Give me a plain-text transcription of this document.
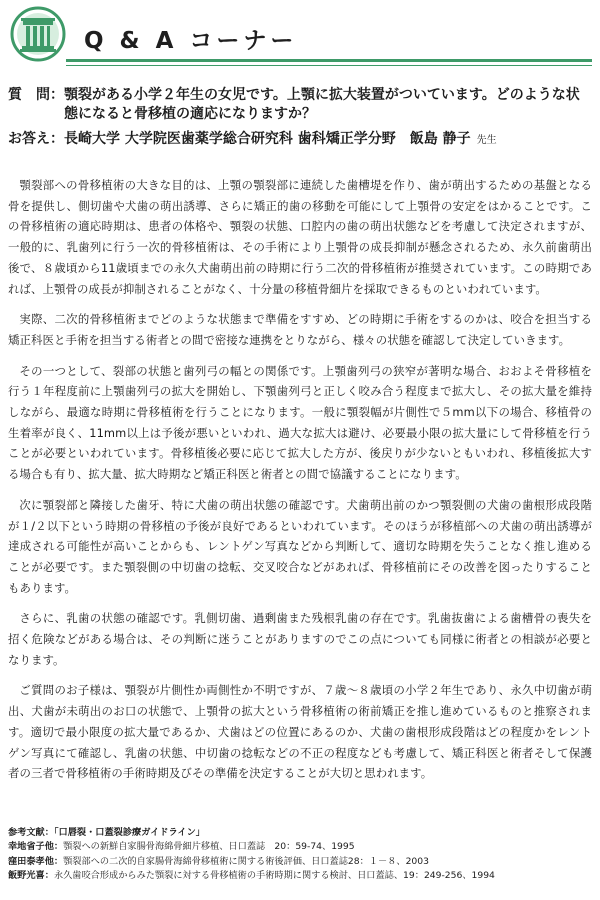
Q & A コーナー
質　問： 顎裂がある小学２年生の女児です。上顎に拡大装置がついています。どのような状態になると骨移植の適応になりますか？
お答え： 長崎大学 大学院医歯薬学総合研究科 歯科矯正学分野　飯島 静子 先生

顎裂部への骨移植術の大きな目的は、上顎の顎裂部に連続した歯槽堤を作り、歯が萌出するための基盤となる骨を提供し、側切歯や犬歯の萌出誘導、さらに矯正的歯の移動を可能にして上顎骨の安定をはかることです。この骨移植術の適応時期は、患者の体格や、顎裂の状態、口腔内の歯の萌出状態などを考慮して決定されますが、一般的に、乳歯列に行う一次的骨移植術は、その手術により上顎骨の成長抑制が懸念されるため、永久前歯萌出後で、８歳頃から11歳頃までの永久犬歯萌出前の時期に行う二次的骨移植術が推奨されています。この時期であれば、上顎骨の成長が抑制されることがなく、十分量の移植骨細片を採取できるものといわれています。

実際、二次的骨移植術までどのような状態まで準備をすすめ、どの時期に手術をするのかは、咬合を担当する矯正科医と手術を担当する術者との間で密接な連携をとりながら、様々の状態を確認して決定していきます。

その一つとして、裂部の状態と歯列弓の幅との関係です。上顎歯列弓の狭窄が著明な場合、おおよそ骨移植を行う１年程度前に上顎歯列弓の拡大を開始し、下顎歯列弓と正しく咬み合う程度まで拡大し、その拡大量を維持しながら、最適な時期に骨移植術を行うことになります。一般に顎裂幅が片側性で５mm以下の場合、移植骨の生着率が良く、11mm以上は予後が悪いといわれ、過大な拡大は避け、必要最小限の拡大量にして骨移植を行うことが必要といわれています。骨移植後必要に応じて拡大した方が、後戻りが少ないともいわれ、移植後拡大する場合も有り、拡大量、拡大時期など矯正科医と術者との間で協議することになります。

次に顎裂部と隣接した歯牙、特に犬歯の萌出状態の確認です。犬歯萌出前のかつ顎裂側の犬歯の歯根形成段階が１/２以下という時期の骨移植の予後が良好であるといわれています。そのほうが移植部への犬歯の萌出誘導が達成される可能性が高いことからも、レントゲン写真などから判断して、適切な時期を失うことなく推し進めることが必要です。また顎裂側の中切歯の捻転、交叉咬合などがあれば、骨移植前にその改善を図ったりすることもあります。

さらに、乳歯の状態の確認です。乳側切歯、過剰歯また残根乳歯の存在です。乳歯抜歯による歯槽骨の喪失を招く危険などがある場合は、その判断に迷うことがありますのでこの点についても同様に術者との相談が必要となります。

ご質問のお子様は、顎裂が片側性か両側性か不明ですが、７歳～８歳頃の小学２年生であり、永久中切歯が萌出、犬歯が未萌出のお口の状態で、上顎骨の拡大という骨移植術の術前矯正を推し進めているものと推察されます。適切で最小限度の拡大量であるか、犬歯はどの位置にあるのか、犬歯の歯根形成段階はどの程度かをレントゲン写真にて確認し、乳歯の状態、中切歯の捻転などの不正の程度なども考慮して、矯正科医と術者そして保護者の三者で骨移植術の手術時期及びその準備を決定することが大切と思われます。

参考文献：「口唇裂・口蓋裂診療ガイドライン」
幸地省子他：顎裂への新鮮自家腸骨海綿骨細片移植、日口蓋誌　20：59-74、1995
窪田泰孝他：顎裂部への二次的自家腸骨海綿骨移植術に関する術後評価、日口蓋誌28：１－８、2003
飯野光喜：永久歯咬合形成からみた顎裂に対する骨移植術の手術時期に関する検討、日口蓋誌、19：249-256、1994
